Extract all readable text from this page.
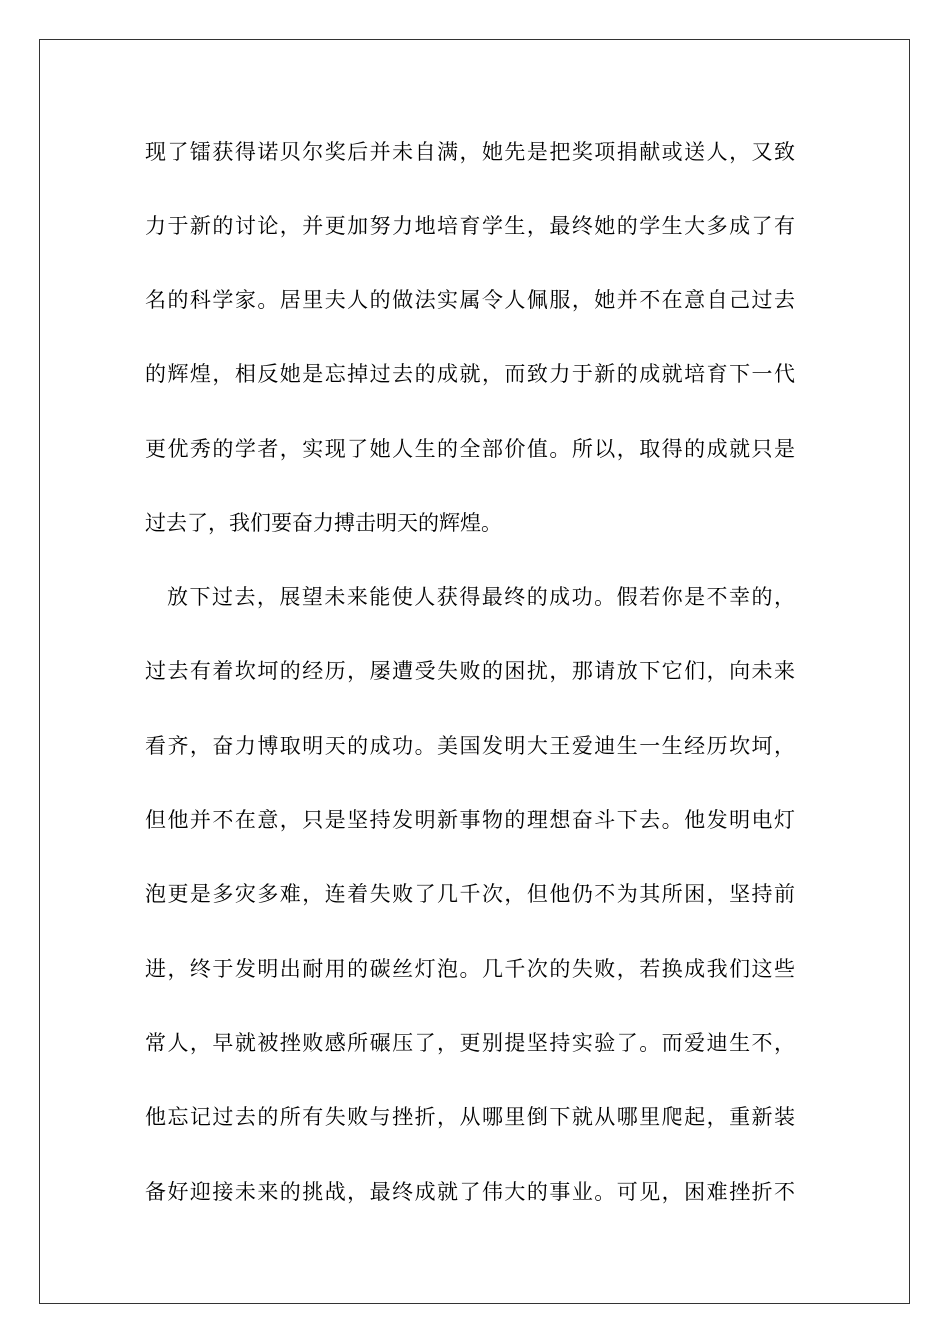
现了镭获得诺贝尔奖后并未自满，她先是把奖项捐献或送人，又致
力于新的讨论，并更加努力地培育学生，最终她的学生大多成了有
名的科学家。居里夫人的做法实属令人佩服，她并不在意自己过去
的辉煌，相反她是忘掉过去的成就，而致力于新的成就培育下一代
更优秀的学者，实现了她人生的全部价值。所以，取得的成就只是
过去了，我们要奋力搏击明天的辉煌。
放下过去，展望未来能使人获得最终的成功。假若你是不幸的，
过去有着坎坷的经历，屡遭受失败的困扰，那请放下它们，向未来
看齐，奋力博取明天的成功。美国发明大王爱迪生一生经历坎坷，
但他并不在意，只是坚持发明新事物的理想奋斗下去。他发明电灯
泡更是多灾多难，连着失败了几千次，但他仍不为其所困，坚持前
进，终于发明出耐用的碳丝灯泡。几千次的失败，若换成我们这些
常人，早就被挫败感所碾压了，更别提坚持实验了。而爱迪生不，
他忘记过去的所有失败与挫折，从哪里倒下就从哪里爬起，重新装
备好迎接未来的挑战，最终成就了伟大的事业。可见，困难挫折不
